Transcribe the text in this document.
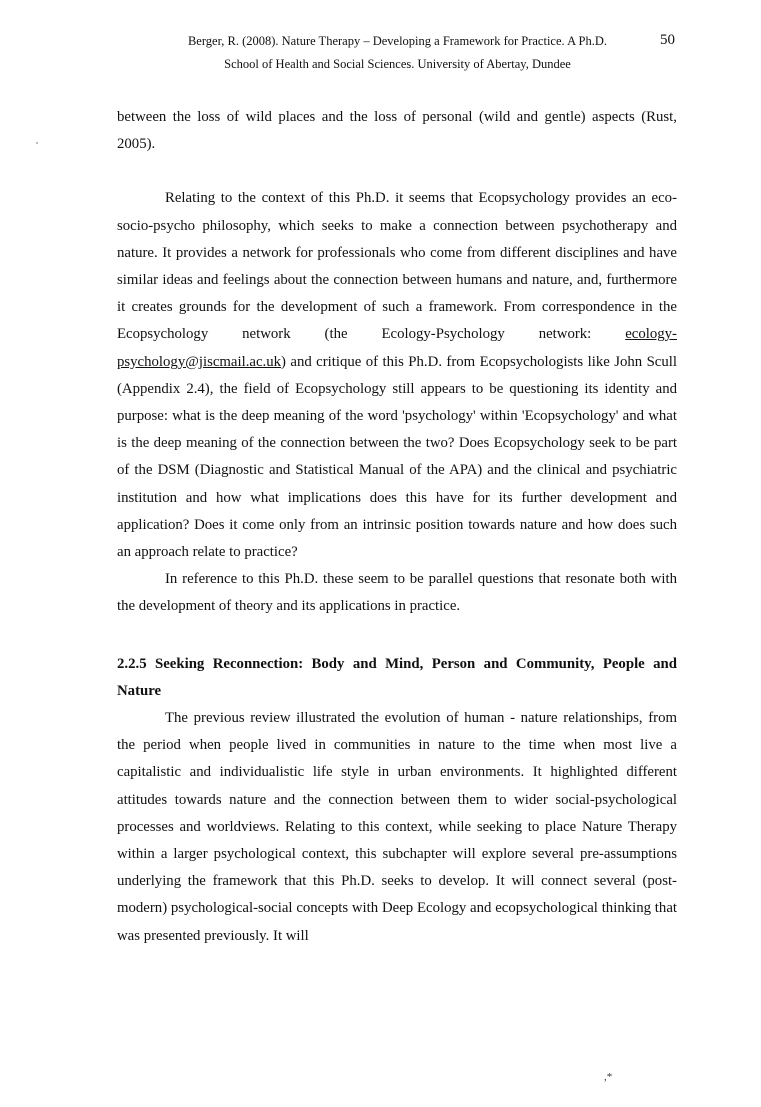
Berger, R. (2008). Nature Therapy – Developing a Framework for Practice. A Ph.D.
School of Health and Social Sciences. University of Abertay, Dundee
50

between the loss of wild places and the loss of personal (wild and gentle) aspects (Rust, 2005).

Relating to the context of this Ph.D. it seems that Ecopsychology provides an eco-socio-psycho philosophy, which seeks to make a connection between psychotherapy and nature. It provides a network for professionals who come from different disciplines and have similar ideas and feelings about the connection between humans and nature, and, furthermore it creates grounds for the development of such a framework. From correspondence in the Ecopsychology network (the Ecology-Psychology network: ecology-psychology@jiscmail.ac.uk) and critique of this Ph.D. from Ecopsychologists like John Scull (Appendix 2.4), the field of Ecopsychology still appears to be questioning its identity and purpose: what is the deep meaning of the word 'psychology' within 'Ecopsychology' and what is the deep meaning of the connection between the two? Does Ecopsychology seek to be part of the DSM (Diagnostic and Statistical Manual of the APA) and the clinical and psychiatric institution and how what implications does this have for its further development and application? Does it come only from an intrinsic position towards nature and how does such an approach relate to practice?

In reference to this Ph.D. these seem to be parallel questions that resonate both with the development of theory and its applications in practice.

2.2.5 Seeking Reconnection: Body and Mind, Person and Community, People and Nature

The previous review illustrated the evolution of human - nature relationships, from the period when people lived in communities in nature to the time when most live a capitalistic and individualistic life style in urban environments. It highlighted different attitudes towards nature and the connection between them to wider social-psychological processes and worldviews. Relating to this context, while seeking to place Nature Therapy within a larger psychological context, this subchapter will explore several pre-assumptions underlying the framework that this Ph.D. seeks to develop. It will connect several (post-modern) psychological-social concepts with Deep Ecology and ecopsychological thinking that was presented previously. It will

,*
